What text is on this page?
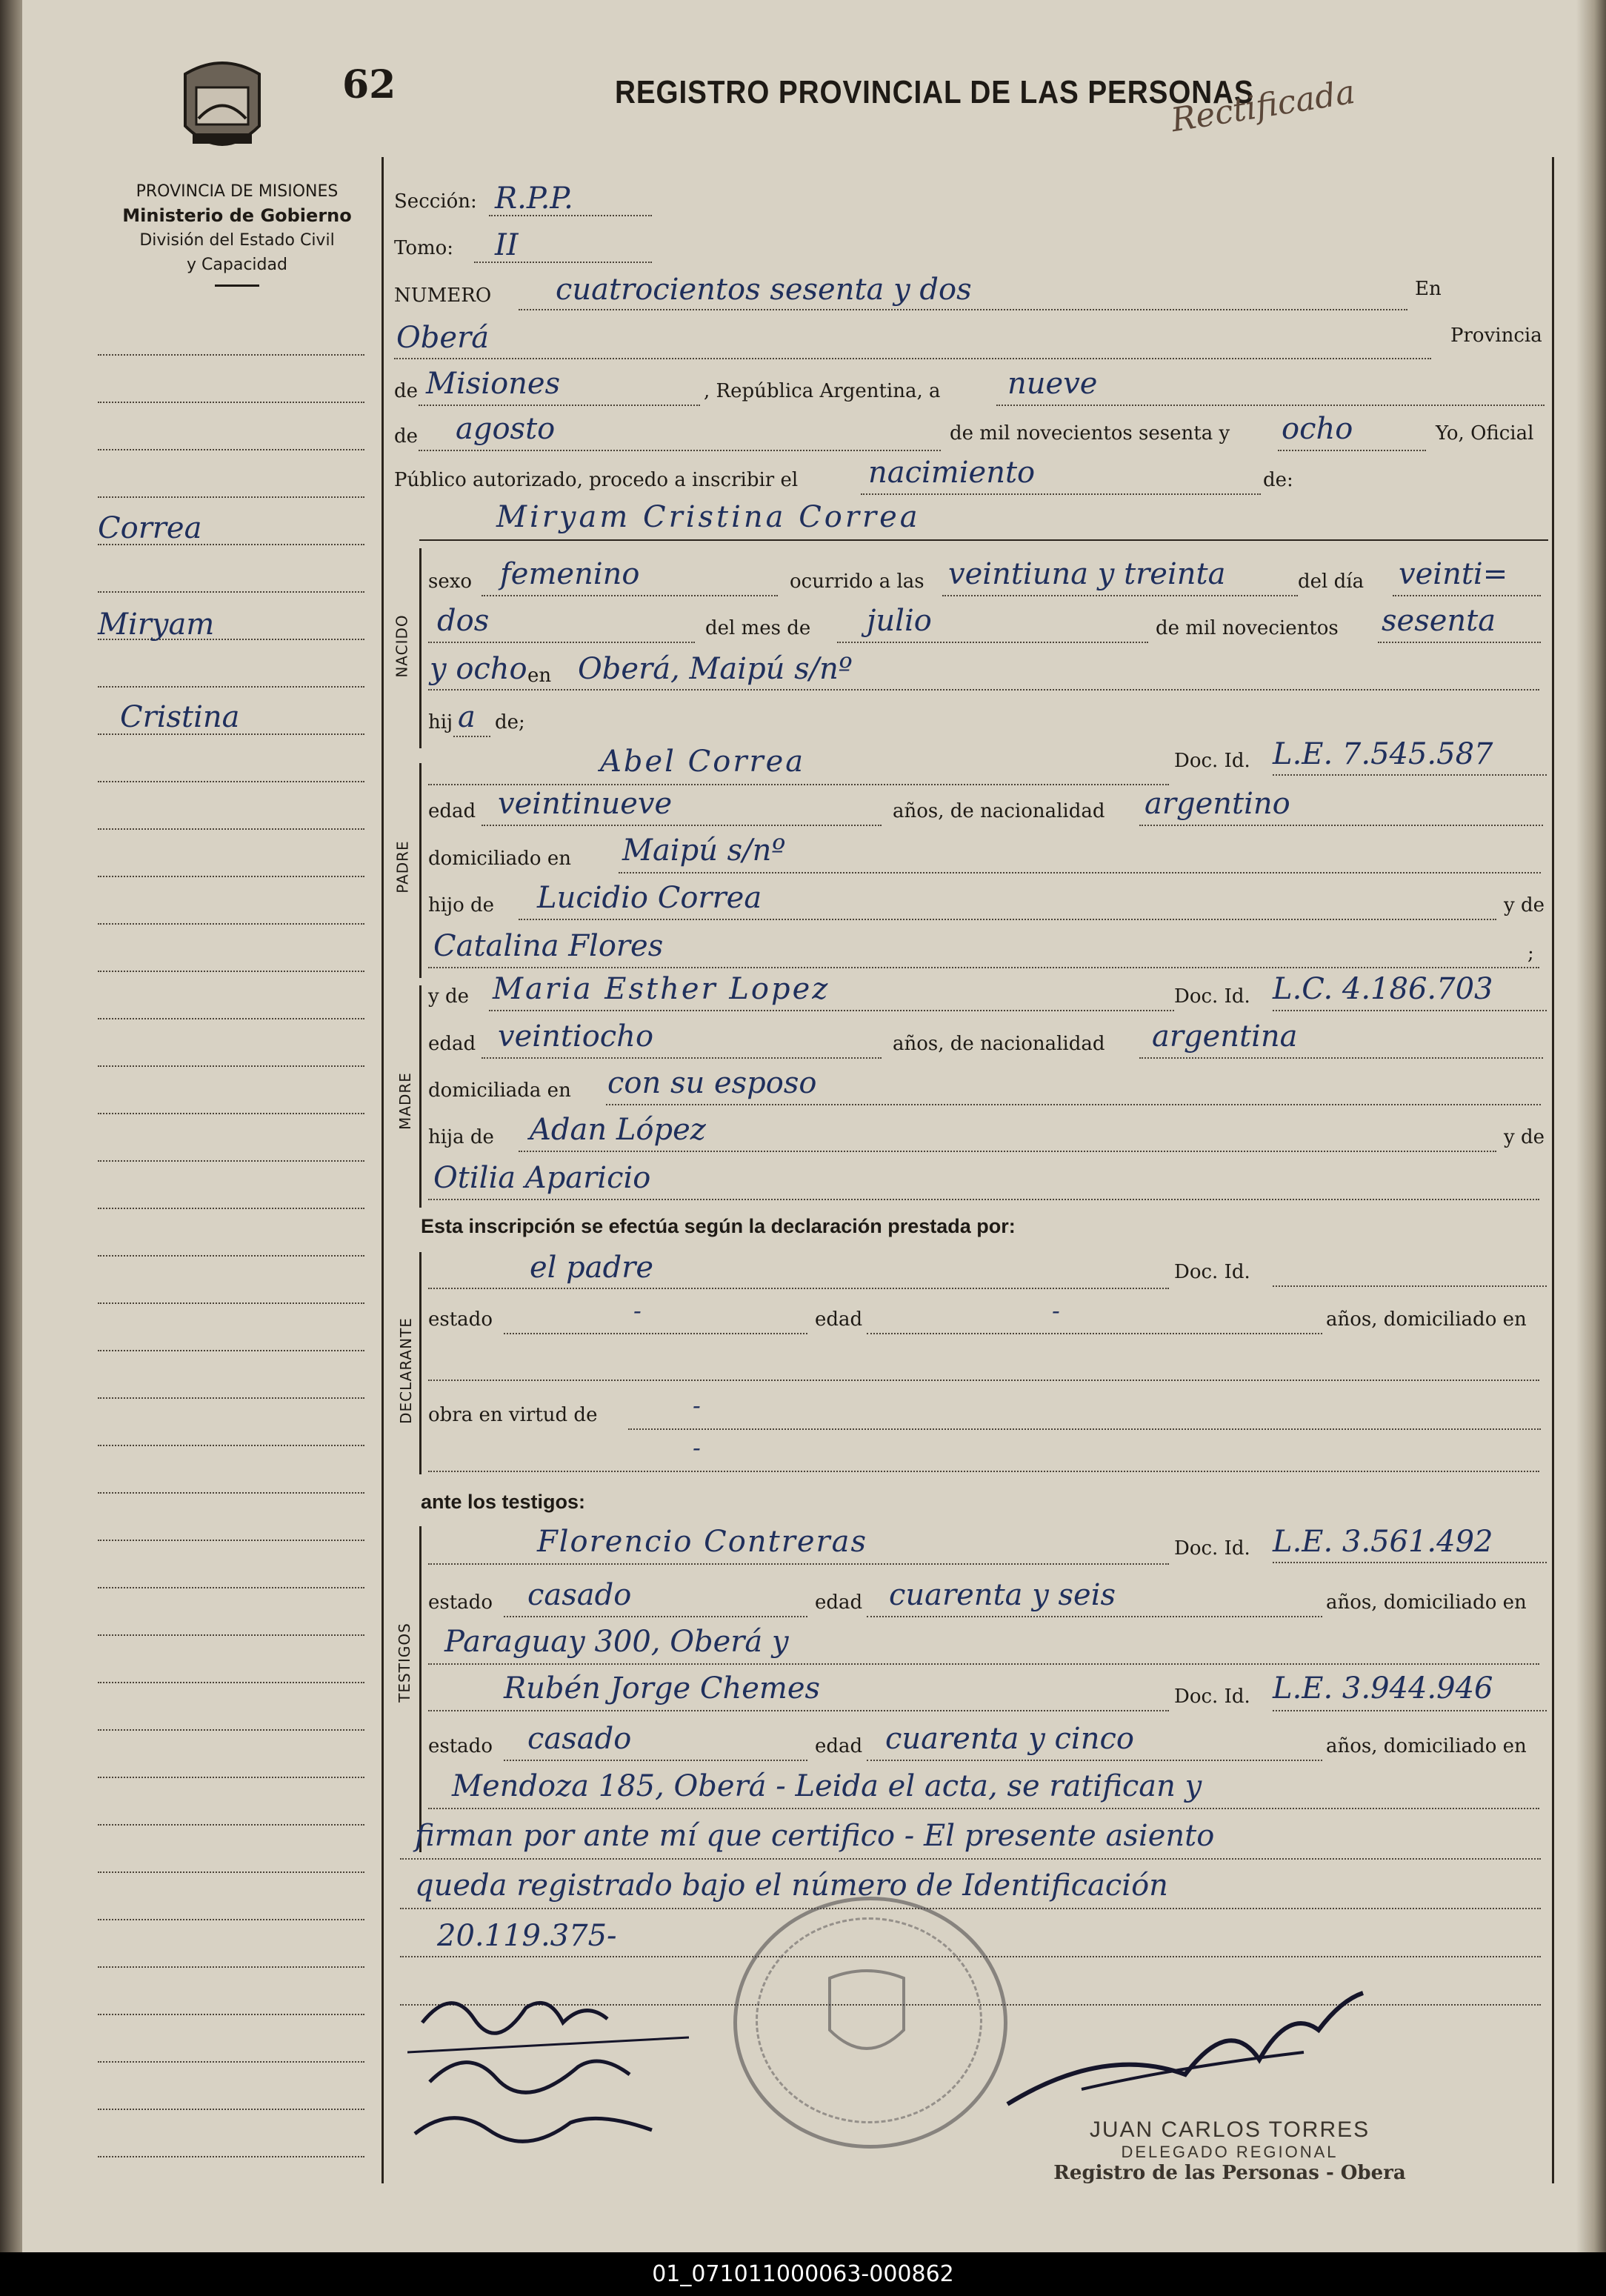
62	REGISTRO PROVINCIAL DE LAS PERSONAS
Rectificada
PROVINCIA DE MISIONES
Ministerio de Gobierno
División del Estado Civil
y Capacidad
Correa
Miryam
Cristina
Sección: R.P.P.
Tomo: II
NUMERO cuatrocientos sesenta y dos	En
Oberá	Provincia
de Misiones	, República Argentina, a nueve
de agosto	de mil novecientos sesenta y ocho	Yo, Oficial
Público autorizado, procedo a inscribir el nacimiento	de:
NACIDO
Miryam Cristina Correa
sexo femenino	ocurrido a las veintiuna y treinta	del día veinti=
dos	del mes de julio	de mil novecientos sesenta
y ocho en Oberá, Maipú s/nº
hij a de;
PADRE
Abel Correa	Doc. Id. L.E. 7.545.587
edad veintinueve	años, de nacionalidad argentino
domiciliado en Maipú s/nº
hijo de Lucidio Correa	y de
Catalina Flores	;
MADRE
y de Maria Esther Lopez	Doc. Id. L.C. 4.186.703
edad veintiocho	años, de nacionalidad argentina
domiciliada en con su esposo
hija de Adan López	y de
Otilia Aparicio
Esta inscripción se efectúa según la declaración prestada por:
DECLARANTE
el padre	Doc. Id.
estado	-	edad	-	años, domiciliado en
obra en virtud de	-
-
ante los testigos:
TESTIGOS
Florencio Contreras	Doc. Id. L.E. 3.561.492
estado casado	edad cuarenta y seis	años, domiciliado en
Paraguay 300, Oberá y
Rubén Jorge Chemes	Doc. Id. L.E. 3.944.946
estado casado	edad cuarenta y cinco	años, domiciliado en
Mendoza 185, Oberá - Leida el acta, se ratifican y
firman por ante mí que certifico - El presente asiento
queda registrado bajo el número de Identificación
20.119.375-
JUAN CARLOS TORRES
DELEGADO REGIONAL
Registro de las Personas - Obera
01_071011000063-000862
